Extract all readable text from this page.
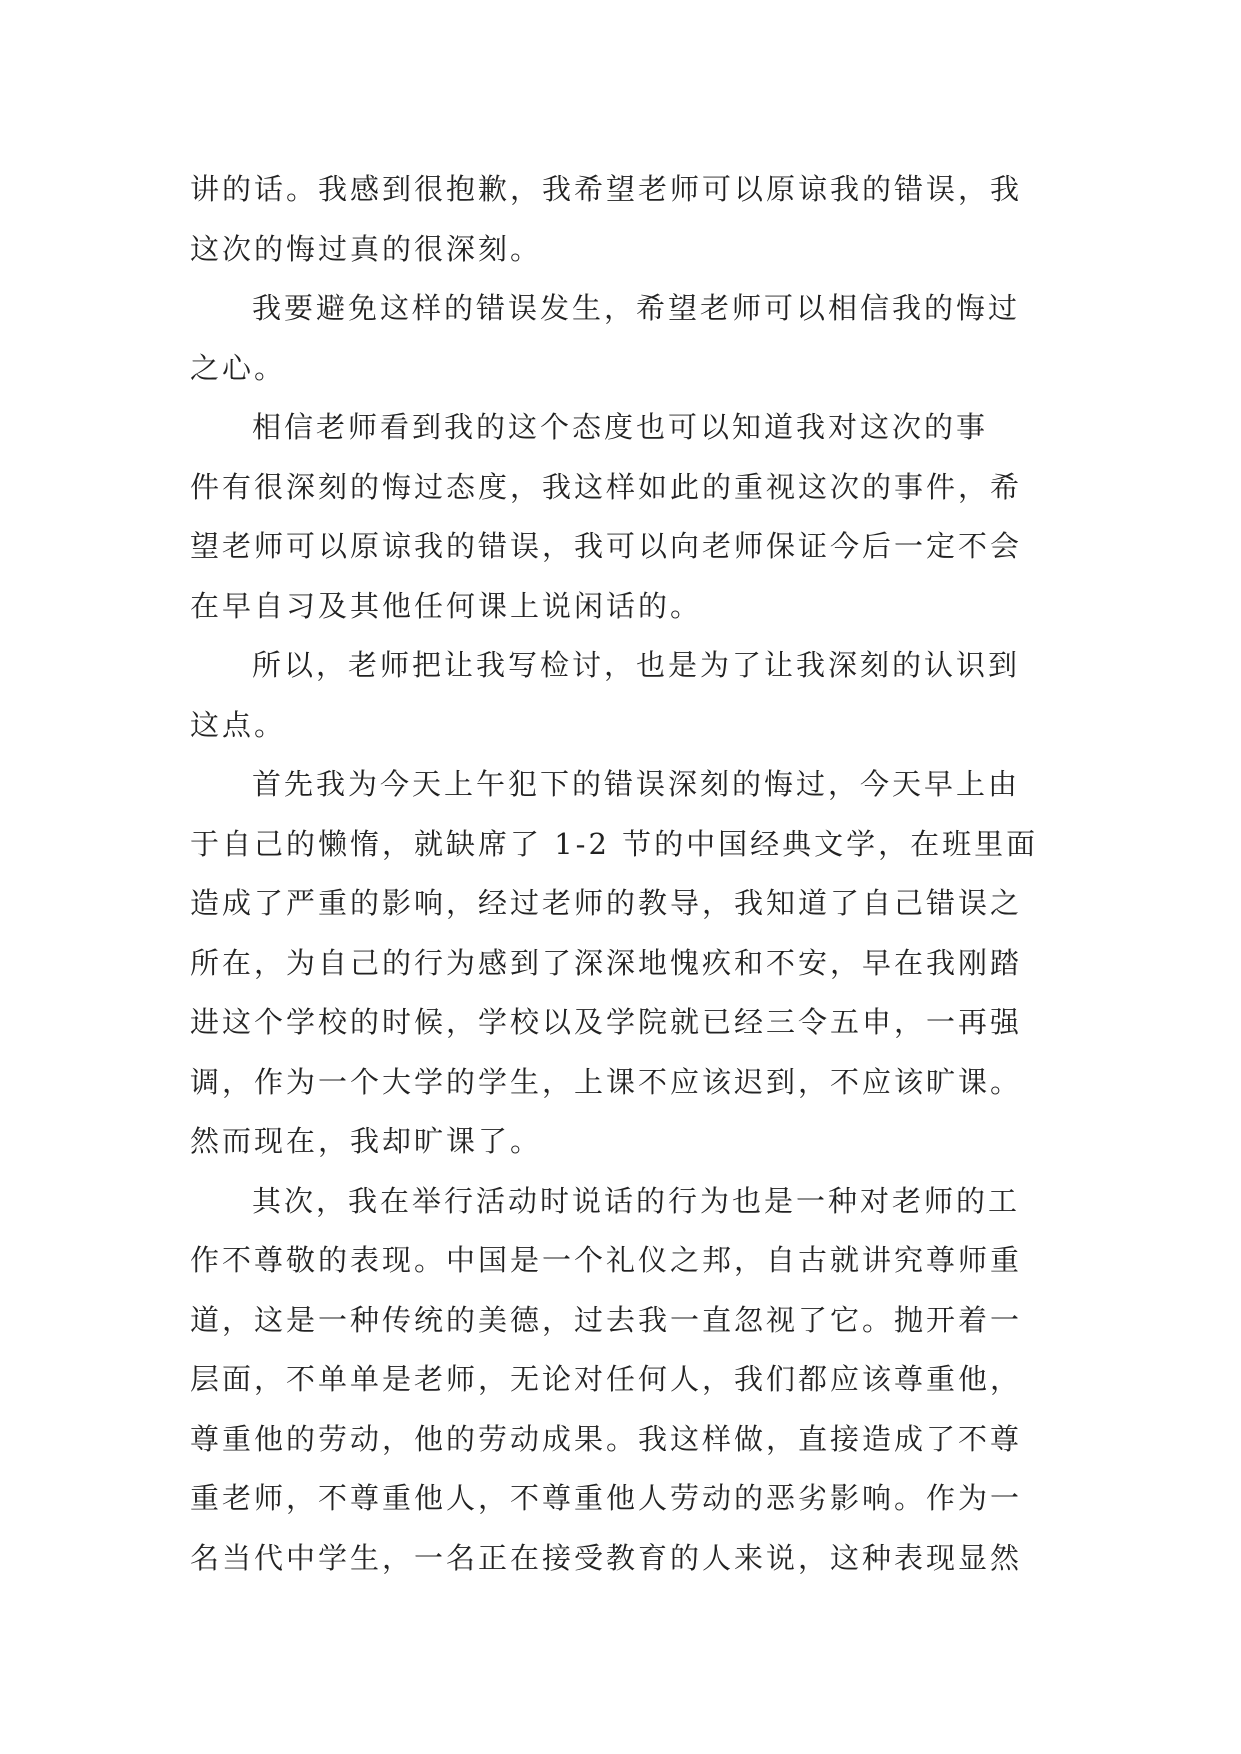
讲的话。我感到很抱歉，我希望老师可以原谅我的错误，我
这次的悔过真的很深刻。
我要避免这样的错误发生，希望老师可以相信我的悔过
之心。
相信老师看到我的这个态度也可以知道我对这次的事
件有很深刻的悔过态度，我这样如此的重视这次的事件，希
望老师可以原谅我的错误，我可以向老师保证今后一定不会
在早自习及其他任何课上说闲话的。
所以，老师把让我写检讨，也是为了让我深刻的认识到
这点。
首先我为今天上午犯下的错误深刻的悔过，今天早上由
于自己的懒惰，就缺席了 1-2 节的中国经典文学，在班里面
造成了严重的影响，经过老师的教导，我知道了自己错误之
所在，为自己的行为感到了深深地愧疚和不安，早在我刚踏
进这个学校的时候，学校以及学院就已经三令五申，一再强
调，作为一个大学的学生，上课不应该迟到，不应该旷课。
然而现在，我却旷课了。
其次，我在举行活动时说话的行为也是一种对老师的工
作不尊敬的表现。中国是一个礼仪之邦，自古就讲究尊师重
道，这是一种传统的美德，过去我一直忽视了它。抛开着一
层面，不单单是老师，无论对任何人，我们都应该尊重他，
尊重他的劳动，他的劳动成果。我这样做，直接造成了不尊
重老师，不尊重他人，不尊重他人劳动的恶劣影响。作为一
名当代中学生，一名正在接受教育的人来说，这种表现显然
